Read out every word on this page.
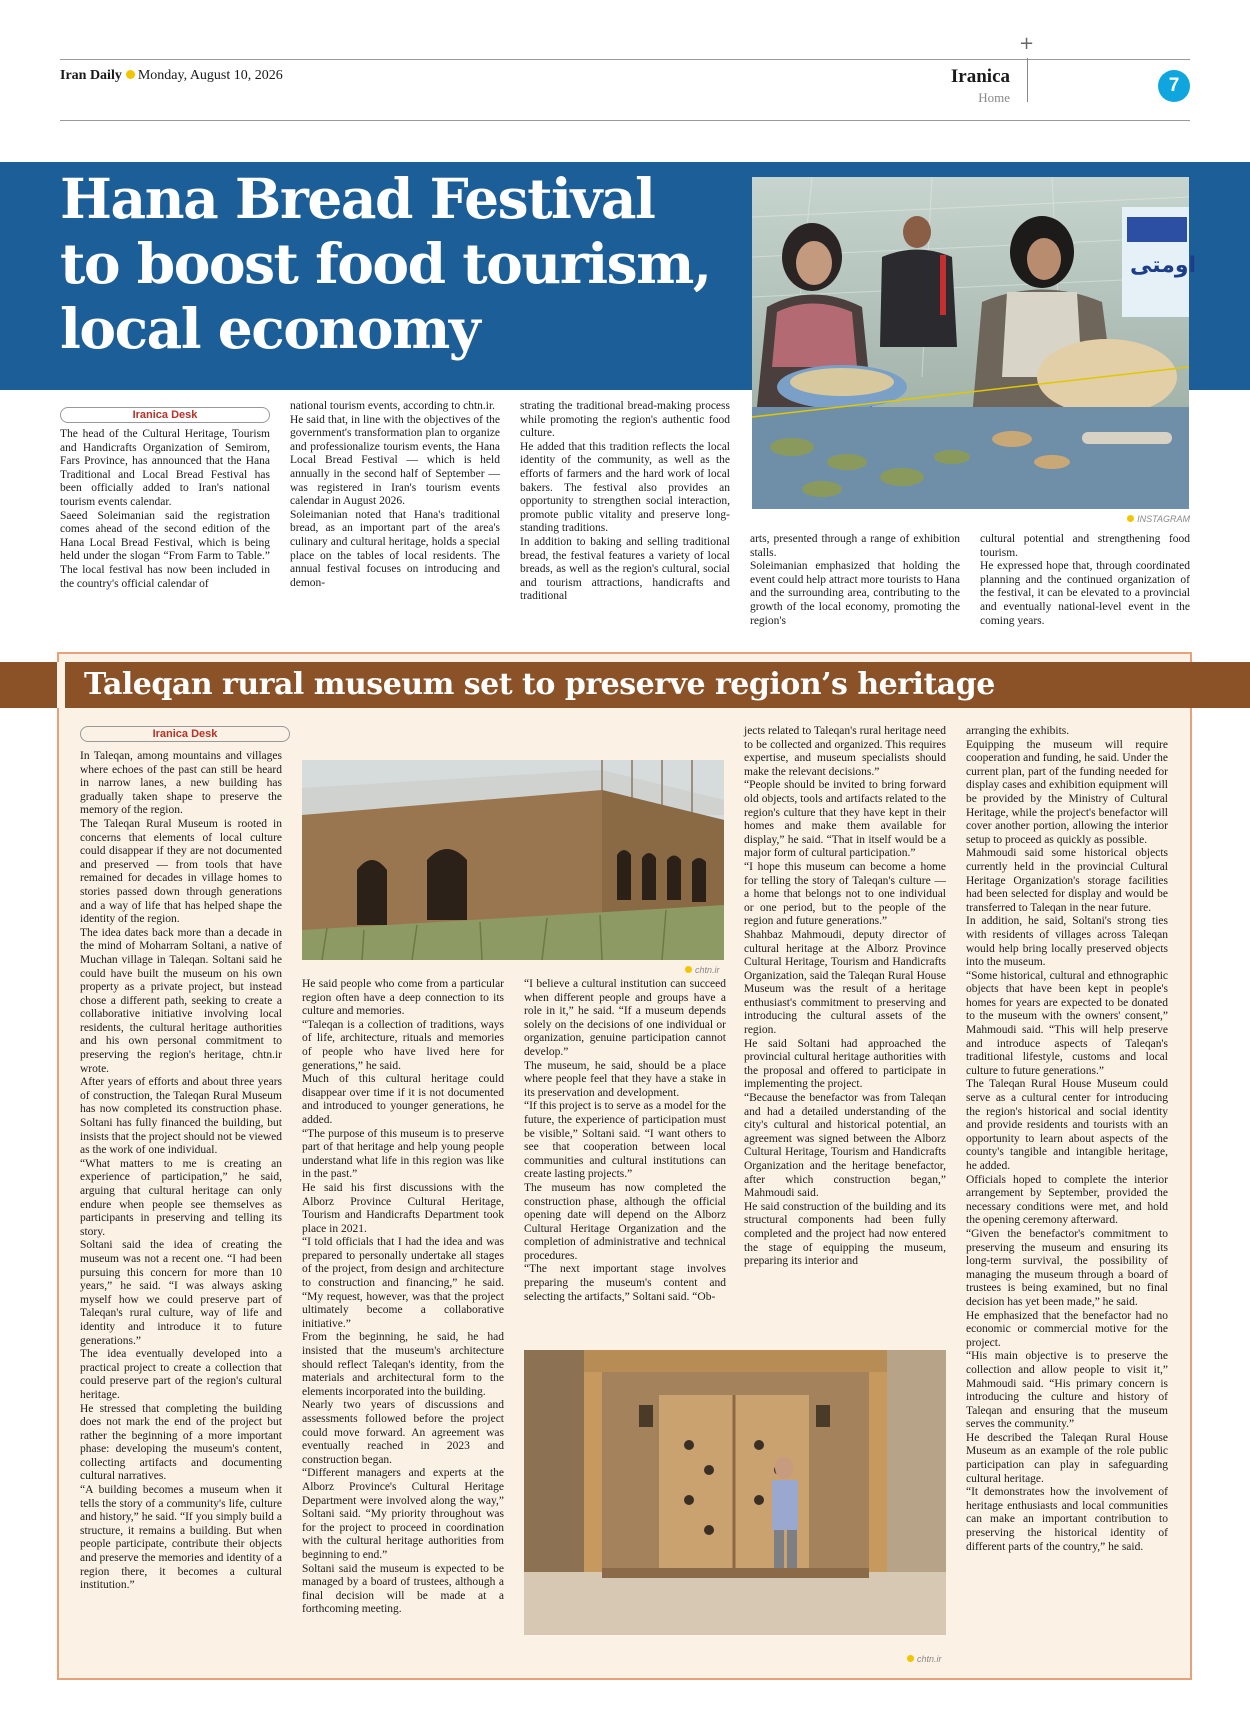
Iran Daily Monday, August 10, 2026
+
Iranica
Home
7
Hana Bread Festival
to boost food tourism,
local economy
اومتی
INSTAGRAM
Iranica Desk

The head of the Cultural Heritage, Tourism and Handicrafts Organization of Semirom, Fars Province, has announced that the Hana Traditional and Local Bread Festival has been officially added to Iran's national tourism events calendar.

Saeed Soleimanian said the registration comes ahead of the second edition of the Hana Local Bread Festival, which is being held under the slogan “From Farm to Table.” The local festival has now been included in the country's official calendar of

national tourism events, according to chtn.ir.

He said that, in line with the objectives of the government's transformation plan to organize and professionalize tourism events, the Hana Local Bread Festival — which is held annually in the second half of September — was registered in Iran's tourism events calendar in August 2026.

Soleimanian noted that Hana's traditional bread, as an important part of the area's culinary and cultural heritage, holds a special place on the tables of local residents. The annual festival focuses on introducing and demon-

strating the traditional bread-making process while promoting the region's authentic food culture.

He added that this tradition reflects the local identity of the community, as well as the efforts of farmers and the hard work of local bakers. The festival also provides an opportunity to strengthen social interaction, promote public vitality and preserve long-standing traditions.

In addition to baking and selling traditional bread, the festival features a variety of local breads, as well as the region's cultural, social and tourism attractions, handicrafts and traditional

arts, presented through a range of exhibition stalls.

Soleimanian emphasized that holding the event could help attract more tourists to Hana and the surrounding area, contributing to the growth of the local economy, promoting the region's

cultural potential and strengthening food tourism.

He expressed hope that, through coordinated planning and the continued organization of the festival, it can be elevated to a provincial and eventually national-level event in the coming years.

Taleqan rural museum set to preserve region’s heritage
Iranica Desk
chtn.ir
chtn.ir

In Taleqan, among mountains and villages where echoes of the past can still be heard in narrow lanes, a new building has gradually taken shape to preserve the memory of the region.

The Taleqan Rural Museum is rooted in concerns that elements of local culture could disappear if they are not documented and preserved — from tools that have remained for decades in village homes to stories passed down through generations and a way of life that has helped shape the identity of the region.

The idea dates back more than a decade in the mind of Moharram Soltani, a native of Muchan village in Taleqan. Soltani said he could have built the museum on his own property as a private project, but instead chose a different path, seeking to create a collaborative initiative involving local residents, the cultural heritage authorities and his own personal commitment to preserving the region's heritage, chtn.ir wrote.

After years of efforts and about three years of construction, the Taleqan Rural Museum has now completed its construction phase. Soltani has fully financed the building, but insists that the project should not be viewed as the work of one individual.

“What matters to me is creating an experience of participation,” he said, arguing that cultural heritage can only endure when people see themselves as participants in preserving and telling its story.

Soltani said the idea of creating the museum was not a recent one. “I had been pursuing this concern for more than 10 years,” he said. “I was always asking myself how we could preserve part of Taleqan's rural culture, way of life and identity and introduce it to future generations.”

The idea eventually developed into a practical project to create a collection that could preserve part of the region's cultural heritage.

He stressed that completing the building does not mark the end of the project but rather the beginning of a more important phase: developing the museum's content, collecting artifacts and documenting cultural narratives.

“A building becomes a museum when it tells the story of a community's life, culture and history,” he said. “If you simply build a structure, it remains a building. But when people participate, contribute their objects and preserve the memories and identity of a region there, it becomes a cultural institution.”

He said people who come from a particular region often have a deep connection to its culture and memories.

“Taleqan is a collection of traditions, ways of life, architecture, rituals and memories of people who have lived here for generations,” he said.

Much of this cultural heritage could disappear over time if it is not documented and introduced to younger generations, he added.

“The purpose of this museum is to preserve part of that heritage and help young people understand what life in this region was like in the past.”

He said his first discussions with the Alborz Province Cultural Heritage, Tourism and Handicrafts Department took place in 2021.

“I told officials that I had the idea and was prepared to personally undertake all stages of the project, from design and architecture to construction and financing,” he said. “My request, however, was that the project ultimately become a collaborative initiative.”

From the beginning, he said, he had insisted that the museum's architecture should reflect Taleqan's identity, from the materials and architectural form to the elements incorporated into the building.

Nearly two years of discussions and assessments followed before the project could move forward. An agreement was eventually reached in 2023 and construction began.

“Different managers and experts at the Alborz Province's Cultural Heritage Department were involved along the way,” Soltani said. “My priority throughout was for the project to proceed in coordination with the cultural heritage authorities from beginning to end.”

Soltani said the museum is expected to be managed by a board of trustees, although a final decision will be made at a forthcoming meeting.

“I believe a cultural institution can succeed when different people and groups have a role in it,” he said. “If a museum depends solely on the decisions of one individual or organization, genuine participation cannot develop.”

The museum, he said, should be a place where people feel that they have a stake in its preservation and development.

“If this project is to serve as a model for the future, the experience of participation must be visible,” Soltani said. “I want others to see that cooperation between local communities and cultural institutions can create lasting projects.”

The museum has now completed the construction phase, although the official opening date will depend on the Alborz Cultural Heritage Organization and the completion of administrative and technical procedures.

“The next important stage involves preparing the museum's content and selecting the artifacts,” Soltani said. “Ob-

jects related to Taleqan's rural heritage need to be collected and organized. This requires expertise, and museum specialists should make the relevant decisions.”

“People should be invited to bring forward old objects, tools and artifacts related to the region's culture that they have kept in their homes and make them available for display,” he said. “That in itself would be a major form of cultural participation.”

“I hope this museum can become a home for telling the story of Taleqan's culture — a home that belongs not to one individual or one period, but to the people of the region and future generations.”

Shahbaz Mahmoudi, deputy director of cultural heritage at the Alborz Province Cultural Heritage, Tourism and Handicrafts Organization, said the Taleqan Rural House Museum was the result of a heritage enthusiast's commitment to preserving and introducing the cultural assets of the region.

He said Soltani had approached the provincial cultural heritage authorities with the proposal and offered to participate in implementing the project.

“Because the benefactor was from Taleqan and had a detailed understanding of the city's cultural and historical potential, an agreement was signed between the Alborz Cultural Heritage, Tourism and Handicrafts Organization and the heritage benefactor, after which construction began,” Mahmoudi said.

He said construction of the building and its structural components had been fully completed and the project had now entered the stage of equipping the museum, preparing its interior and

arranging the exhibits.

Equipping the museum will require cooperation and funding, he said. Under the current plan, part of the funding needed for display cases and exhibition equipment will be provided by the Ministry of Cultural Heritage, while the project's benefactor will cover another portion, allowing the interior setup to proceed as quickly as possible.

Mahmoudi said some historical objects currently held in the provincial Cultural Heritage Organization's storage facilities had been selected for display and would be transferred to Taleqan in the near future.

In addition, he said, Soltani's strong ties with residents of villages across Taleqan would help bring locally preserved objects into the museum.

“Some historical, cultural and ethnographic objects that have been kept in people's homes for years are expected to be donated to the museum with the owners' consent,” Mahmoudi said. “This will help preserve and introduce aspects of Taleqan's traditional lifestyle, customs and local culture to future generations.”

The Taleqan Rural House Museum could serve as a cultural center for introducing the region's historical and social identity and provide residents and tourists with an opportunity to learn about aspects of the county's tangible and intangible heritage, he added.

Officials hoped to complete the interior arrangement by September, provided the necessary conditions were met, and hold the opening ceremony afterward.

“Given the benefactor's commitment to preserving the museum and ensuring its long-term survival, the possibility of managing the museum through a board of trustees is being examined, but no final decision has yet been made,” he said.

He emphasized that the benefactor had no economic or commercial motive for the project.

“His main objective is to preserve the collection and allow people to visit it,” Mahmoudi said. “His primary concern is introducing the culture and history of Taleqan and ensuring that the museum serves the community.”

He described the Taleqan Rural House Museum as an example of the role public participation can play in safeguarding cultural heritage.

“It demonstrates how the involvement of heritage enthusiasts and local communities can make an important contribution to preserving the historical identity of different parts of the country,” he said.
